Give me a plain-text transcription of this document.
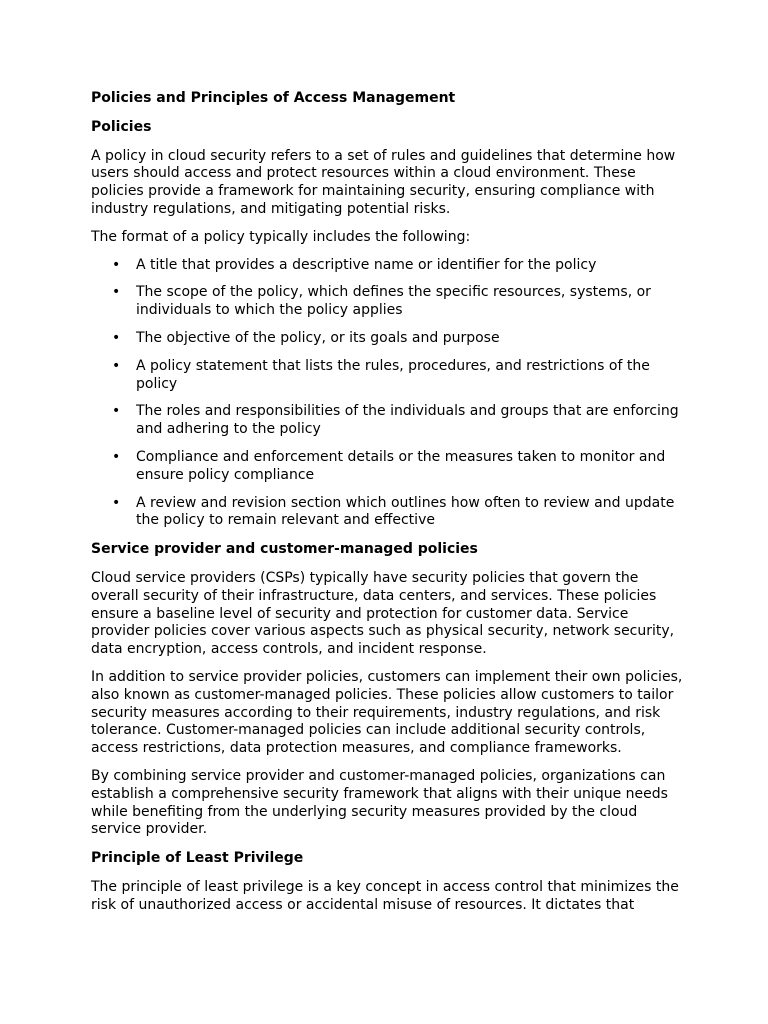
Policies and Principles of Access Management
Policies

A policy in cloud security refers to a set of rules and guidelines that determine how

users should access and protect resources within a cloud environment. These

policies provide a framework for maintaining security, ensuring compliance with

industry regulations, and mitigating potential risks.

The format of a policy typically includes the following:

• A title that provides a descriptive name or identifier for the policy

• The scope of the policy, which defines the specific resources, systems, or

individuals to which the policy applies

• The objective of the policy, or its goals and purpose

• A policy statement that lists the rules, procedures, and restrictions of the

policy

• The roles and responsibilities of the individuals and groups that are enforcing

and adhering to the policy

• Compliance and enforcement details or the measures taken to monitor and

ensure policy compliance

• A review and revision section which outlines how often to review and update

the policy to remain relevant and effective

Service provider and customer-managed policies

Cloud service providers (CSPs) typically have security policies that govern the

overall security of their infrastructure, data centers, and services. These policies

ensure a baseline level of security and protection for customer data. Service

provider policies cover various aspects such as physical security, network security,

data encryption, access controls, and incident response.

In addition to service provider policies, customers can implement their own policies,

also known as customer-managed policies. These policies allow customers to tailor

security measures according to their requirements, industry regulations, and risk

tolerance. Customer-managed policies can include additional security controls,

access restrictions, data protection measures, and compliance frameworks.

By combining service provider and customer-managed policies, organizations can

establish a comprehensive security framework that aligns with their unique needs

while benefiting from the underlying security measures provided by the cloud

service provider.

Principle of Least Privilege

The principle of least privilege is a key concept in access control that minimizes the

risk of unauthorized access or accidental misuse of resources. It dictates that
